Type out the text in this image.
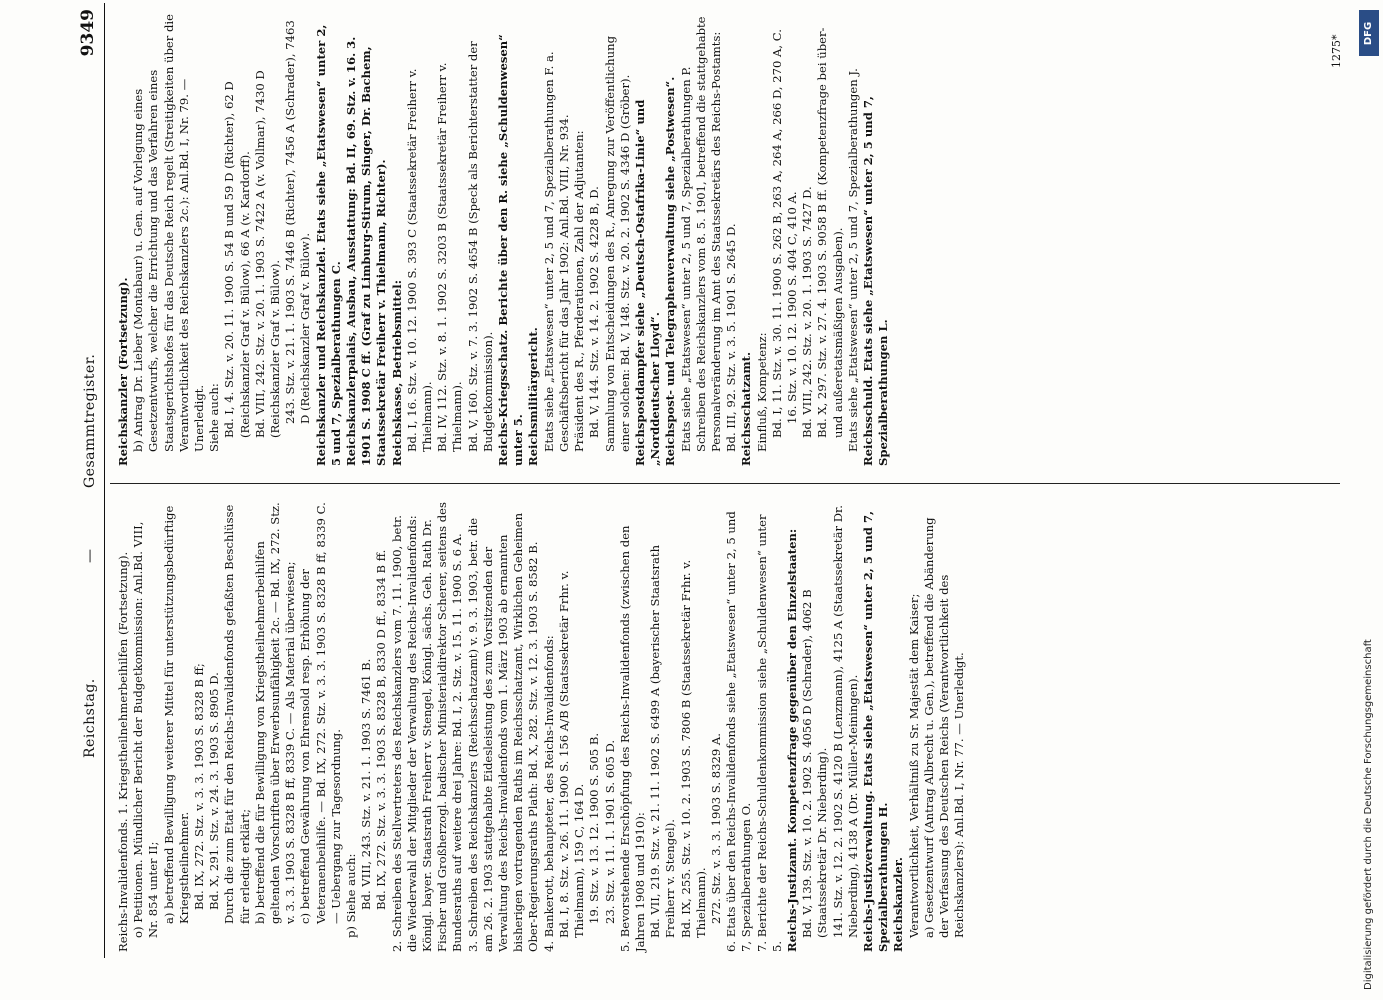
Reichstag.
—
Gesammtregister.
9349
Reichs-Invalidenfonds. 1. Kriegstheilnehmerbeihilfen (Fortsetzung). o) Petitionen. Mündlicher Bericht der Budgetkommission: Anl.Bd. VIII, Nr. 854 unter II; a) betreffend Bewilligung weiterer Mittel für unterstützungsbedürftige Kriegstheilnehmer. Bd. IX, 272. Stz. v. 3. 3. 1903 S. 8328 B ff; Bd. X, 291. Stz. v. 24. 3. 1903 S. 8905 D. Durch die zum Etat für den Reichs-Invalidenfonds gefaßten Beschlüsse für erledigt erklärt; b) betreffend die für Bewilligung von Kriegstheilnehmerbeihilfen geltenden Vorschriften über Erwerbsunfähigkeit 2c. — Bd. IX, 272. Stz. v. 3. 3. 1903 S. 8328 B ff, 8339 C. — Als Material überwiesen; c) betreffend Gewährung von Ehrensold resp. Erhöhung der Veteranenbeihilfe. — Bd. IX, 272. Stz. v. 3. 3. 1903 S. 8328 B ff, 8339 C. — Uebergang zur Tagesordnung. p) Siehe auch: Bd. VIII, 243. Stz. v. 21. 1. 1903 S. 7461 B. Bd. IX, 272. Stz. v. 3. 3. 1903 S. 8328 B, 8330 D ff., 8334 B ff. 2. Schreiben des Stellvertreters des Reichskanzlers vom 7. 11. 1900, betr. die Wiederwahl der Mitglieder der Verwaltung des Reichs-Invalidenfonds: Königl. bayer. Staatsrath Freiherr v. Stengel, Königl. sächs. Geh. Rath Dr. Fischer und Großherzogl. badischer Ministerialdirektor Scherer, seitens des Bundesraths auf weitere drei Jahre: Bd. I, 2. Stz. v. 15. 11. 1900 S. 6 A. 3. Schreiben des Reichskanzlers (Reichsschatzamt) v. 9. 3. 1903, betr. die am 26. 2. 1903 stattgehabte Eidesleistung des zum Vorsitzenden der Verwaltung des Reichs-Invalidenfonds vom 1. März 1903 ab ernannten bisherigen vortragenden Raths im Reichsschatzamt, Wirklichen Geheimen Ober-Regierungsraths Plath: Bd. X, 282. Stz. v. 12. 3. 1903 S. 8582 B. 4. Bankerott, behaupteter, des Reichs-Invalidenfonds: Bd. I, 8. Stz. v. 26. 11. 1900 S. 156 A/B (Staatssekretär Frhr. v. Thielmann), 159 C, 164 D. 19. Stz. v. 13. 12. 1900 S. 505 B. 23. Stz. v. 11. 1. 1901 S. 605 D. 5. Bevorstehende Erschöpfung des Reichs-Invalidenfonds (zwischen den Jahren 1908 und 1910): Bd. VII, 219. Stz. v. 21. 11. 1902 S. 6499 A (bayerischer Staatsrath Freiherr v. Stengel). Bd. IX, 255. Stz. v. 10. 2. 1903 S. 7806 B (Staatssekretär Frhr. v. Thielmann). 272. Stz. v. 3. 3. 1903 S. 8329 A. 6. Etats über den Reichs-Invalidenfonds siehe „Etatswesen“ unter 2, 5 und 7, Spezialberathungen O. 7. Berichte der Reichs-Schuldenkommission siehe „Schuldenwesen“ unter 5. Reichs-Justizamt. Kompetenzfrage gegenüber den Einzelstaaten: Bd. V, 139. Stz. v. 10. 2. 1902 S. 4056 D (Schrader), 4062 B (Staatssekretär Dr. Nieberding). 141. Stz. v. 12. 2. 1902 S. 4120 B (Lenzmann), 4125 A (Staatssekretär Dr. Nieberding), 4138 A (Dr. Müller-Meiningen). Reichs-Justizverwaltung. Etats siehe „Etatswesen“ unter 2, 5 und 7, Spezialberathungen H. Reichskanzler. Verantwortlichkeit, Verhältniß zu Sr. Majestät dem Kaiser; a) Gesetzentwurf (Antrag Albrecht u. Gen.), betreffend die Abänderung der Verfassung des Deutschen Reichs (Verantwortlichkeit des Reichskanzlers): Anl.Bd. I, Nr. 77. — Unerledigt.
Reichskanzler (Fortsetzung). b) Antrag Dr. Lieber (Montabaur) u. Gen. auf Vorlegung eines Gesetzentwurfs, welcher die Errichtung und das Verfahren eines Staatsgerichtshofes für das Deutsche Reich regelt (Streitigkeiten über die Verantwortlichkeit des Reichskanzlers 2c.): Anl.Bd. I, Nr. 79. — Unerledigt. Siehe auch: Bd. I, 4. Stz. v. 20. 11. 1900 S. 54 B und 59 D (Richter), 62 D (Reichskanzler Graf v. Bülow), 66 A (v. Kardorff). Bd. VIII, 242. Stz. v. 20. 1. 1903 S. 7422 A (v. Vollmar), 7430 D (Reichskanzler Graf v. Bülow). 243. Stz. v. 21. 1. 1903 S. 7446 B (Richter), 7456 A (Schrader), 7463 D (Reichskanzler Graf v. Bülow). Reichskanzler und Reichskanzlei. Etats siehe „Etatswesen“ unter 2, 5 und 7, Spezialberathungen C. Reichskanzlerpalais, Ausbau, Ausstattung: Bd. II, 69. Stz. v. 16. 3. 1901 S. 1908 C ff. (Graf zu Limburg-Stirum, Singer, Dr. Bachem, Staatssekretär Freiherr v. Thielmann, Richter). Reichskasse, Betriebsmittel: Bd. I, 16. Stz. v. 10. 12. 1900 S. 393 C (Staatssekretär Freiherr v. Thielmann). Bd. IV, 112. Stz. v. 8. 1. 1902 S. 3203 B (Staatssekretär Freiherr v. Thielmann). Bd. V, 160. Stz. v. 7. 3. 1902 S. 4654 B (Speck als Berichterstatter der Budgetkommission). Reichs-Kriegsschatz. Berichte über den R. siehe „Schuldenwesen“ unter 5. Reichsmilitärgericht. Etats siehe „Etatswesen“ unter 2, 5 und 7, Spezialberathungen F. a. Geschäftsbericht für das Jahr 1902: Anl.Bd. VIII, Nr. 934. Präsident des R., Pferderationen, Zahl der Adjutanten: Bd. V, 144. Stz. v. 14. 2. 1902 S. 4228 B, D. Sammlung von Entscheidungen des R., Anregung zur Veröffentlichung einer solchen: Bd. V, 148. Stz. v. 20. 2. 1902 S. 4346 D (Gröber). Reichspostdampfer siehe „Deutsch-Ostafrika-Linie“ und „Norddeutscher Lloyd“. Reichspost- und Telegraphenverwaltung siehe „Postwesen“. Etats siehe „Etatswesen“ unter 2, 5 und 7, Spezialberathungen P. Schreiben des Reichskanzlers vom 8. 5. 1901, betreffend die stattgehabte Personalveränderung im Amt des Staatssekretärs des Reichs-Postamts: Bd. III, 92. Stz. v. 3. 5. 1901 S. 2645 D. Reichsschatzamt. Einfluß, Kompetenz: Bd. I, 11. Stz. v. 30. 11. 1900 S. 262 B, 263 A, 264 A, 266 D, 270 A, C. 16. Stz. v. 10. 12. 1900 S. 404 C, 410 A. Bd. VIII, 242. Stz. v. 20. 1. 1903 S. 7427 D. Bd. X, 297. Stz. v. 27. 4. 1903 S. 9058 B ff. (Kompetenzfrage bei über- und außeretatsmäßigen Ausgaben). Etats siehe „Etatswesen“ unter 2, 5 und 7, Spezialberathungen J. Reichsschuld. Etats siehe „Etatswesen“ unter 2, 5 und 7, Spezialberathungen L.
1275*
DFG
Digitalisierung gefördert durch die Deutsche Forschungsgemeinschaft
